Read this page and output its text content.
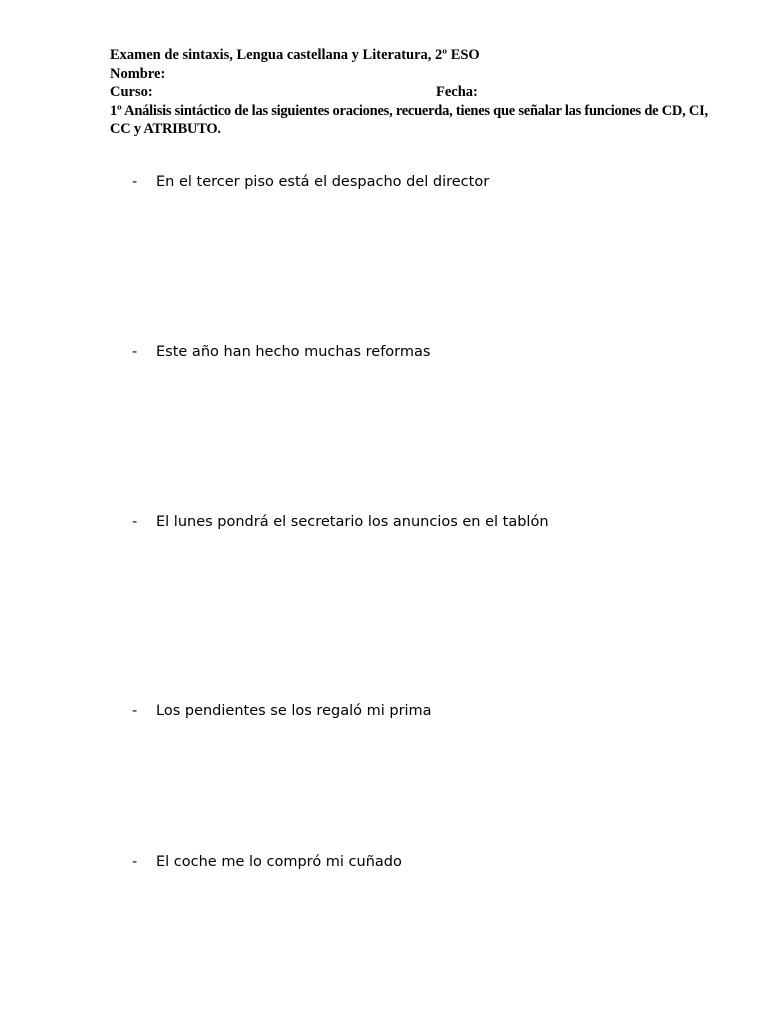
Examen de sintaxis, Lengua castellana y Literatura, 2º ESO
Nombre:
Curso:	Fecha:
1º Análisis sintáctico de las siguientes oraciones, recuerda, tienes que señalar las funciones de CD, CI, CC y ATRIBUTO.
- En el tercer piso está el despacho del director
- Este año han hecho muchas reformas
- El lunes pondrá el secretario los anuncios en el tablón
- Los pendientes se los regaló mi prima
- El coche me lo compró mi cuñado
